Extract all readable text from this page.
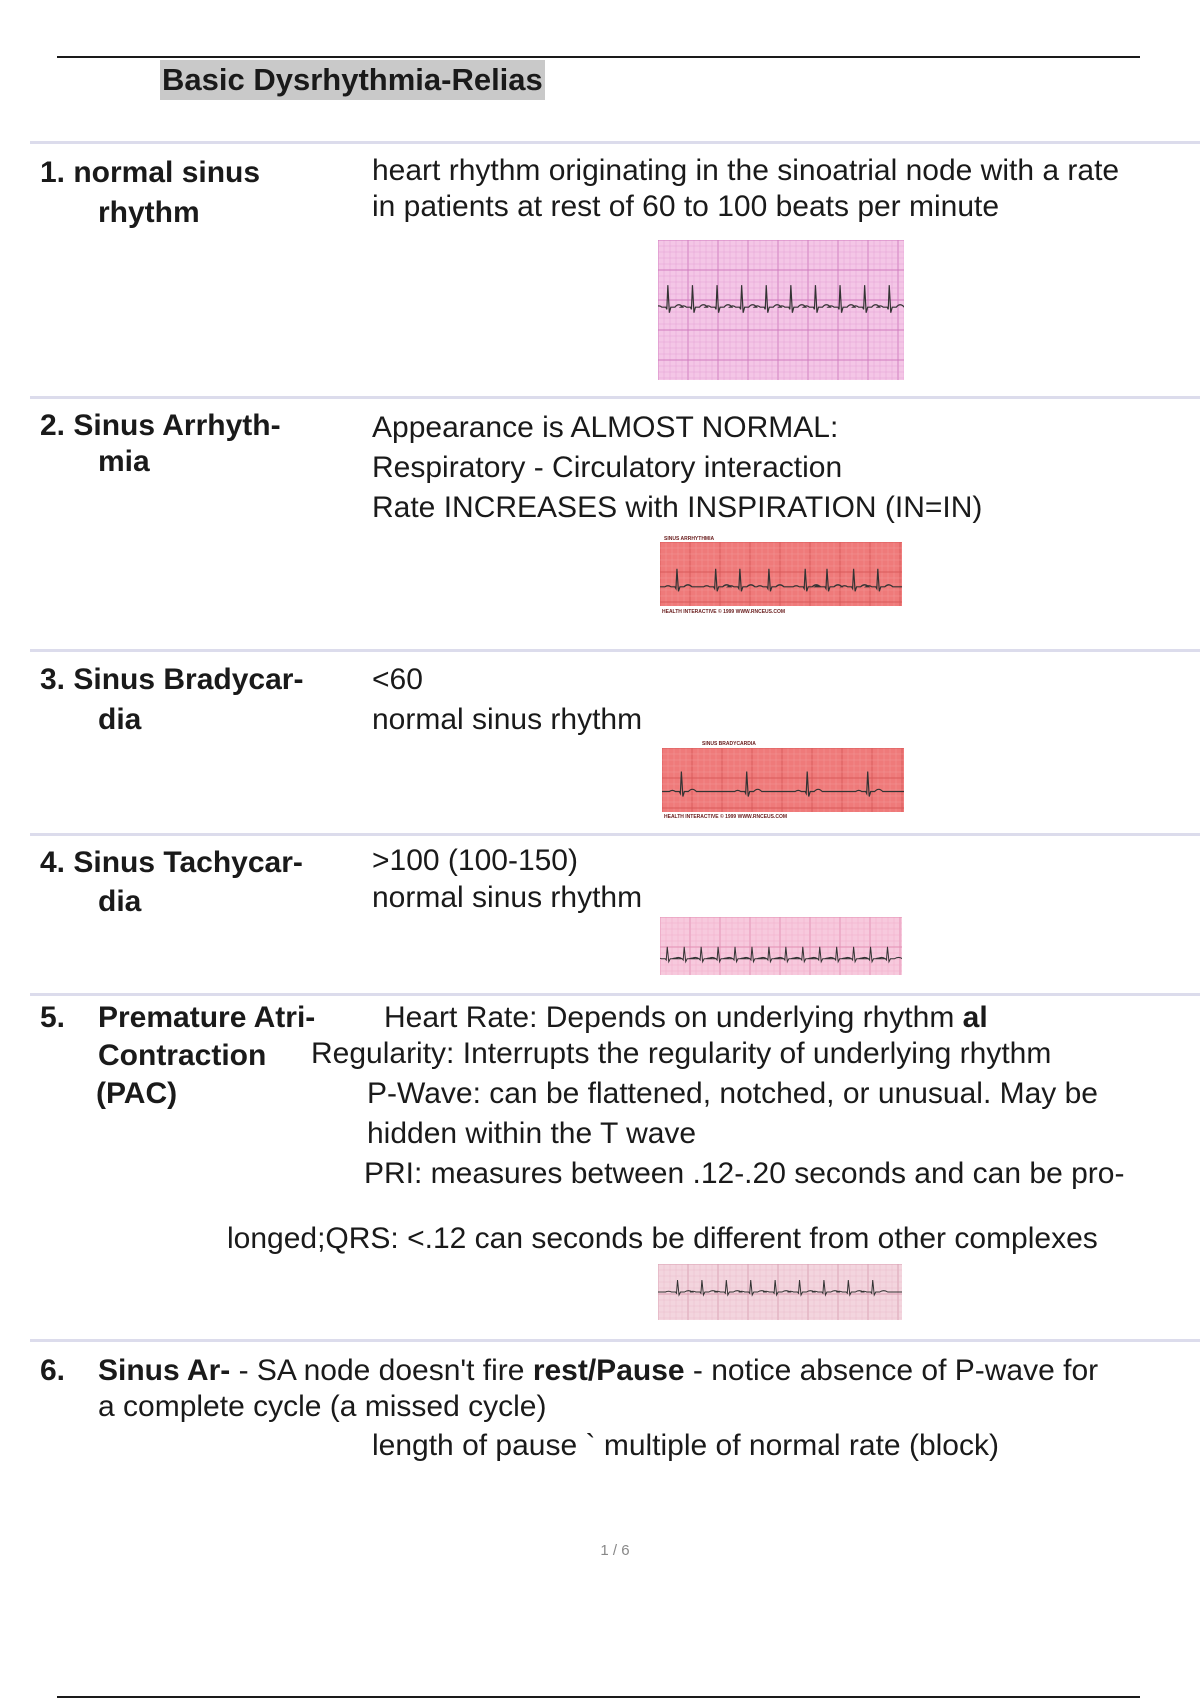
Basic Dysrhythmia-Relias
1. normal sinus
rhythm
heart rhythm originating in the sinoatrial node with a rate
in patients at rest of 60 to 100 beats per minute
2. Sinus Arrhyth-
mia
Appearance is ALMOST NORMAL:
Respiratory - Circulatory interaction
Rate INCREASES with INSPIRATION (IN=IN)
SINUS ARRHYTHMIA
HEALTH INTERACTIVE © 1999 WWW.RNCEUS.COM
3. Sinus Bradycar-
dia
<60
normal sinus rhythm
SINUS BRADYCARDIA
HEALTH INTERACTIVE © 1999 WWW.RNCEUS.COM
4. Sinus Tachycar-
dia
>100 (100-150)
normal sinus rhythm
5. Premature Atri-
Contraction
(PAC)
Heart Rate: Depends on underlying rhythm al
Regularity: Interrupts the regularity of underlying rhythm
P-Wave: can be flattened, notched, or unusual. May be
hidden within the T wave
PRI: measures between .12-.20 seconds and can be pro-
longed;QRS: <.12 can seconds be different from other complexes
6. Sinus Ar- - SA node doesn't fire rest/Pause - notice absence of P-wave for
a complete cycle (a missed cycle)
length of pause ` multiple of normal rate (block)
1 / 6
